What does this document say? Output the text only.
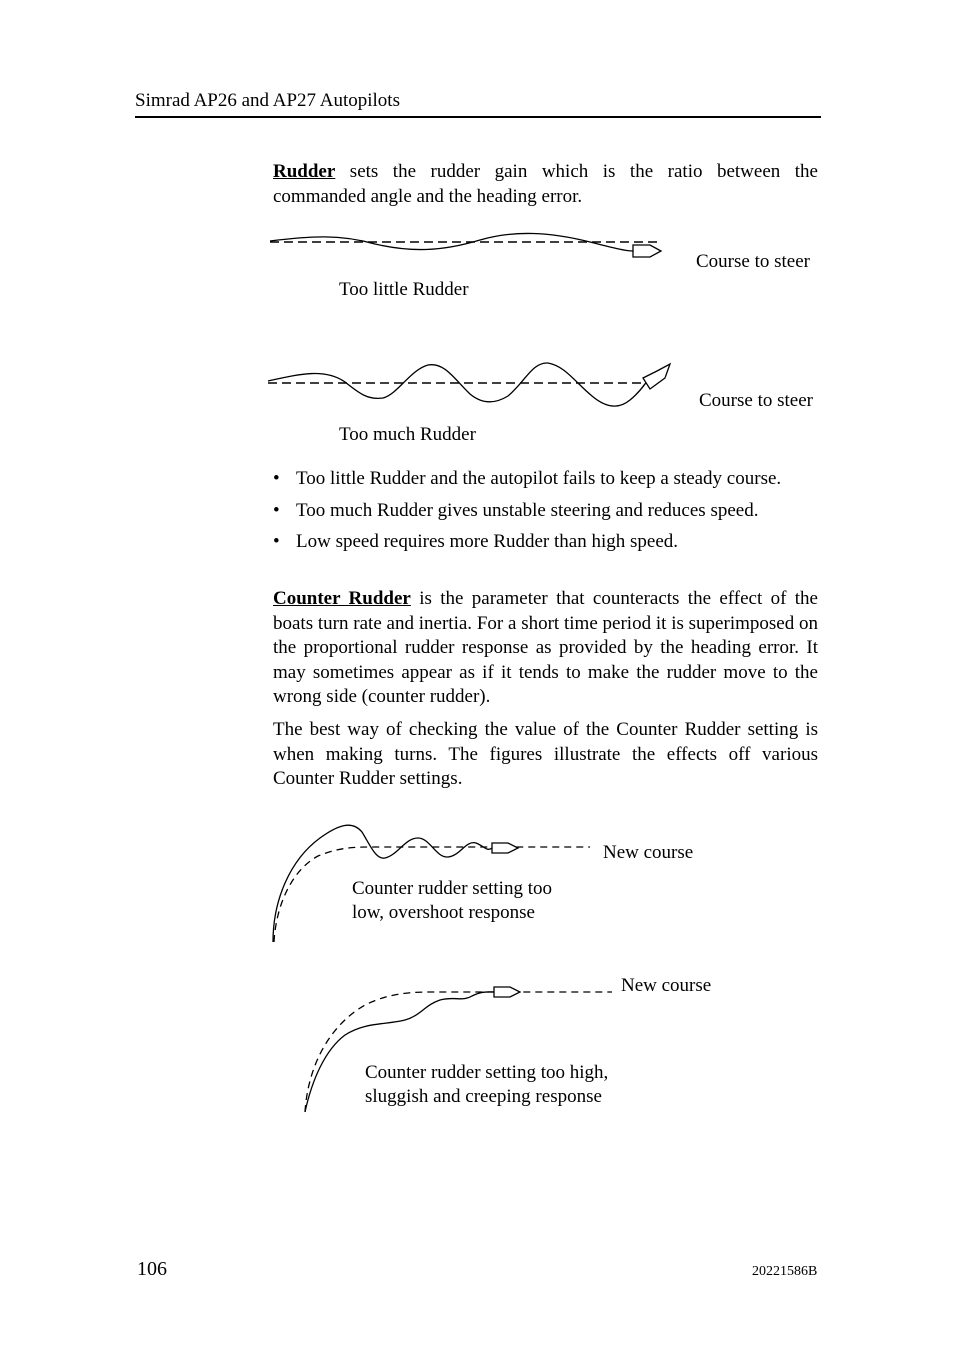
Simrad AP26 and AP27 Autopilots

Rudder sets the rudder gain which is the ratio between the commanded angle and the heading error.

Course to steer
Too little Rudder
Course to steer
Too much Rudder
• Too little Rudder and the autopilot fails to keep a steady course.
• Too much Rudder gives unstable steering and reduces speed.
• Low speed requires more Rudder than high speed.

Counter Rudder is the parameter that counteracts the effect of the boats turn rate and inertia. For a short time period it is superimposed on the proportional rudder response as provided by the heading error. It may sometimes appear as if it tends to make the rudder move to the wrong side (counter rudder).

The best way of checking the value of the Counter Rudder setting is when making turns. The figures illustrate the effects off various Counter Rudder settings.

New course
Counter rudder setting too
low, overshoot response
New course
Counter rudder setting too high,
sluggish and creeping response
106	20221586B
